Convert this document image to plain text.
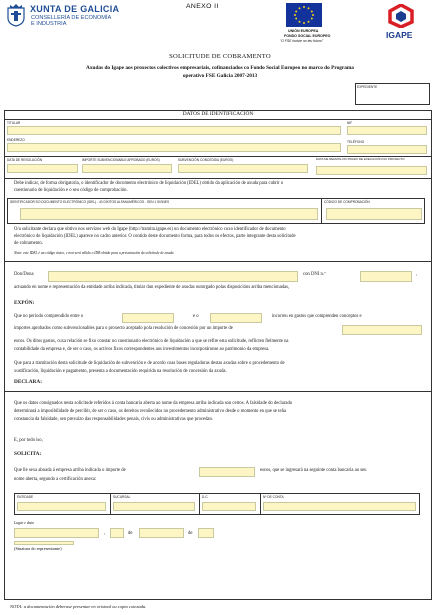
XUNTA DE GALICIA
CONSELLERÍA DE ECONOMÍA
E INDUSTRIA
ANEXO II
UNIÓN EUROPEA
FONDO SOCIAL EUROPEO
"O FSE inviste no teu futuro"
IGAPE
SOLICITUDE DE COBRAMENTO
Axudas do Igape aos proxectos colectivos empresariais, cofinanciados co Fondo Social Europeo no marco do Programa
operativo FSE Galicia 2007-2013
EXPEDIENTE
DATOS DE IDENTIFICACIÓN
TITULAR	NIF
ENDEREZO	TELÉFONO
DATA DE RESOLUCIÓN	IMPORTE SUBVENCIONABLE APROBADO (EUROS)	SUBVENCIÓN CONCEDIDA (EUROS)	DATA DE REMATE DO PRAZO DE EXECUCIÓN DO PROXECTO
Debe indicar, de forma obrigatoria, o identificador de documento electrónico de liquidación (IDEL) obtido da aplicación de axuda para cubrir o
cuestionario de liquidación e o seu código de comprobación.
IDENTIFICADOR DO DOCUMENTO ELECTRÓNICO (IDEL) - 40 DÍXITOS ALFANUMÉRICOS - SEN 1 SIGNES	CÓDIGO DE COMPROBACIÓN
O/a solicitante declara que obtivo nos servizos web do Igape (http://tramita.igape.es) un documento electrónico cuxo identificador de documento
electrónico de liquidación (IDEL) aparece no cadro anterior. O contido deste documento forma, para todos os efectos, parte integrante desta solicitude
de cobramento.
Nota: este IDEL é un código único, e non será válido o IDB obtido para a presentación da solicitude de axuda.
Don/Dona	con DNI n.º	,
actuando en nome e representación da entidade arriba indicada, titular dun expediente de axudas outorgado polas disposicións arriba mencionadas,
EXPÓN:
Que no período comprendido entre o	e o	incorreu en gastos que comprenden conceptos e
importes aprobados como subvencionables para o proxecto aceptado pola resolución de concesión por un importe de
euros. Os ditos gastos, cuxa relación se fixo constar no cuestionario electrónico de liquidación a que se refire esta solicitude, reflicten fielmente na
contabilidade da empresa e, de ser o caso, os activos fixos correspondentes aos investimentos incorporáronse ao patrimonio da empresa.
Que para a tramitación desta solicitude de liquidación de subvención e de acordo coas bases reguladoras destas axudas sobre o procedemento de
xustificación, liquidación e pagamento, presenta a documentación requirida na resolución de concesión da axuda.
DECLARA:
Que os datos consignados nesta solicitude referidos á conta bancaria aberta ao nome da empresa arriba indicada son certos. A falsidade do declarado
determinará a imposibilidade de percibir, de ser o caso, os dereitos recoñecidos no procedemento administrativo desde o momento en que se teña
constancia da falsidade, sen prexuízo das responsabilidades penais, civís ou administrativas que procedan.
E, por todo iso,
SOLICITA:
Que lle sexa aboada á empresa arriba indicada o importe de	euros, que se ingresará na seguinte conta bancaria ao seu
nome aberta, segundo a certificación anexa:
ENTIDADE	SUCURSAL	D.C.	Nº DE CONTA
Lugar e data
,	de	de
(Sinatura do representante)
NOTA: a documentación deberase presentar en orixinal ou copia cotexada.
